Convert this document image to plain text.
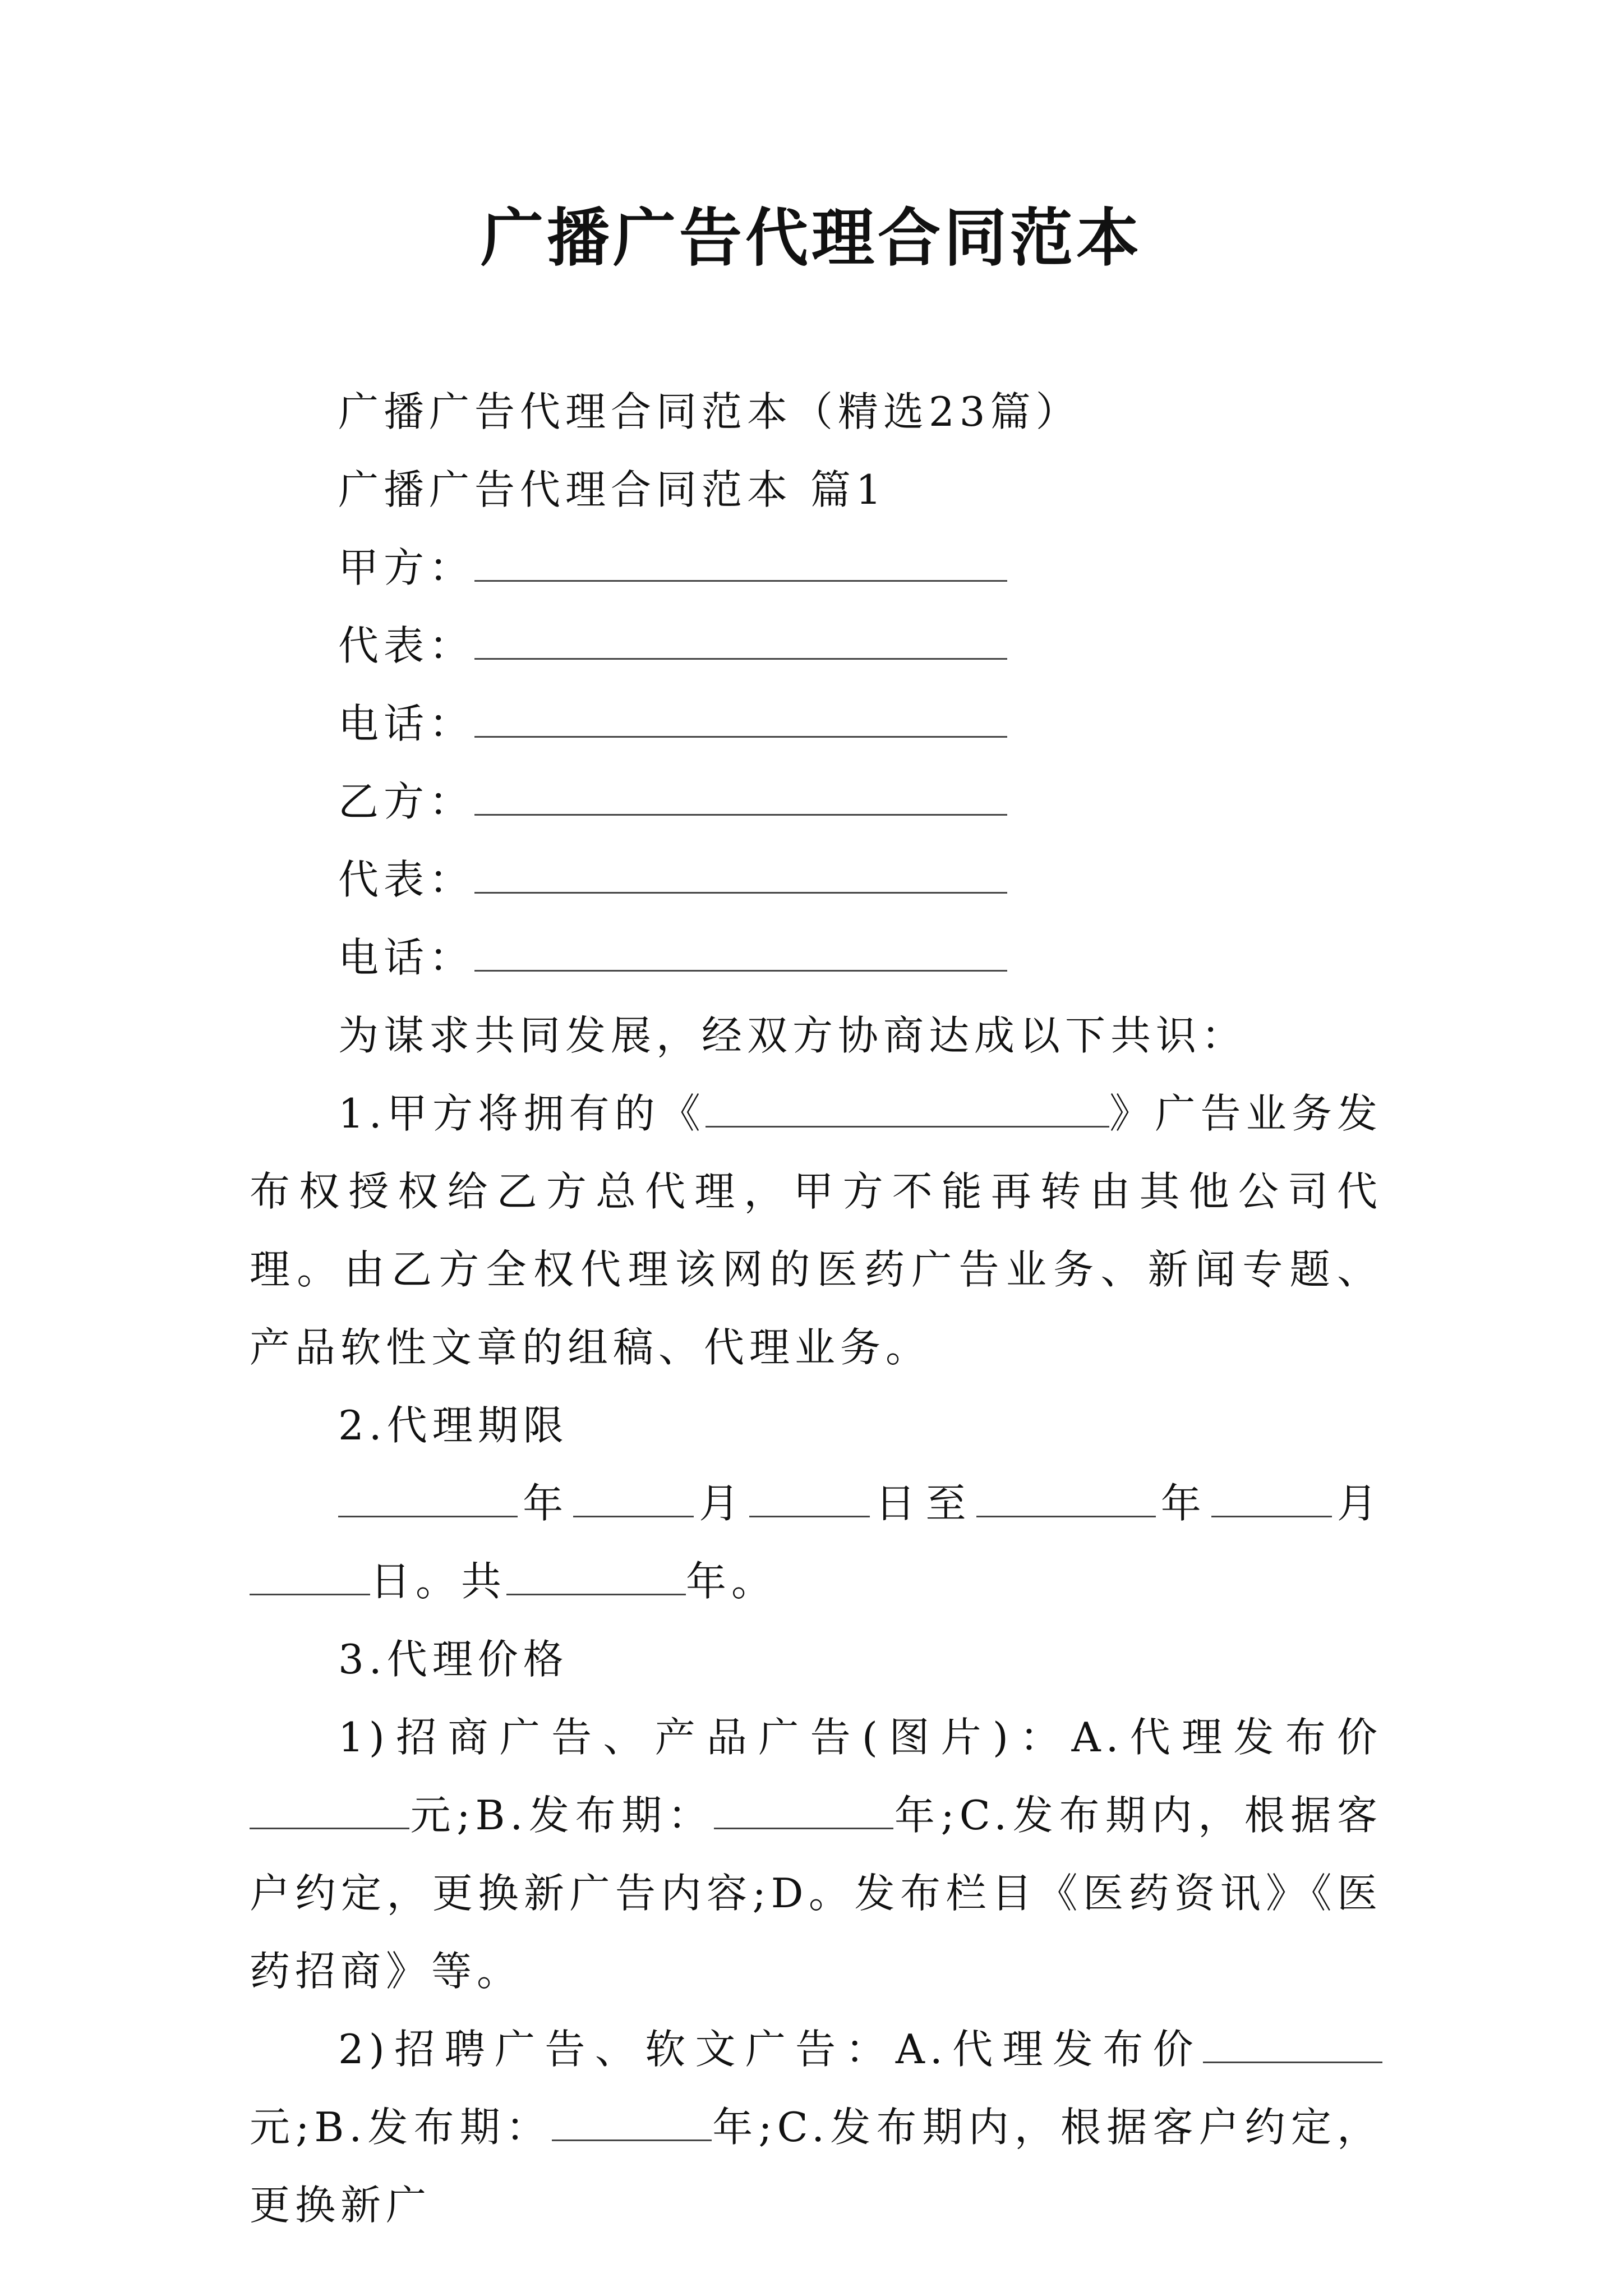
广播广告代理合同范本

广播广告代理合同范本（精选23篇）

广播广告代理合同范本 篇1

甲方：

代表：

电话：

乙方：

代表：

电话：

为谋求共同发展，经双方协商达成以下共识：

1.甲方将拥有的《	》广告业务发布权授权给乙方总代理，甲方不能再转由其他公司代理。由乙方全权代理该网的医药广告业务、新闻专题、产品软性文章的组稿、代理业务。

2.代理期限

年	月	日至	年	月日。共	年。

3.代理价格

1)招商广告、产品广告(图片)：A.代理发布价元;B.发布期：	年;C.发布期内，根据客户约定，更换新广告内容;D。发布栏目《医药资讯》《医药招商》等。

2)招聘广告、软文广告：A.代理发布价元;B.发布期：	年;C.发布期内，根据客户约定，更换新广
